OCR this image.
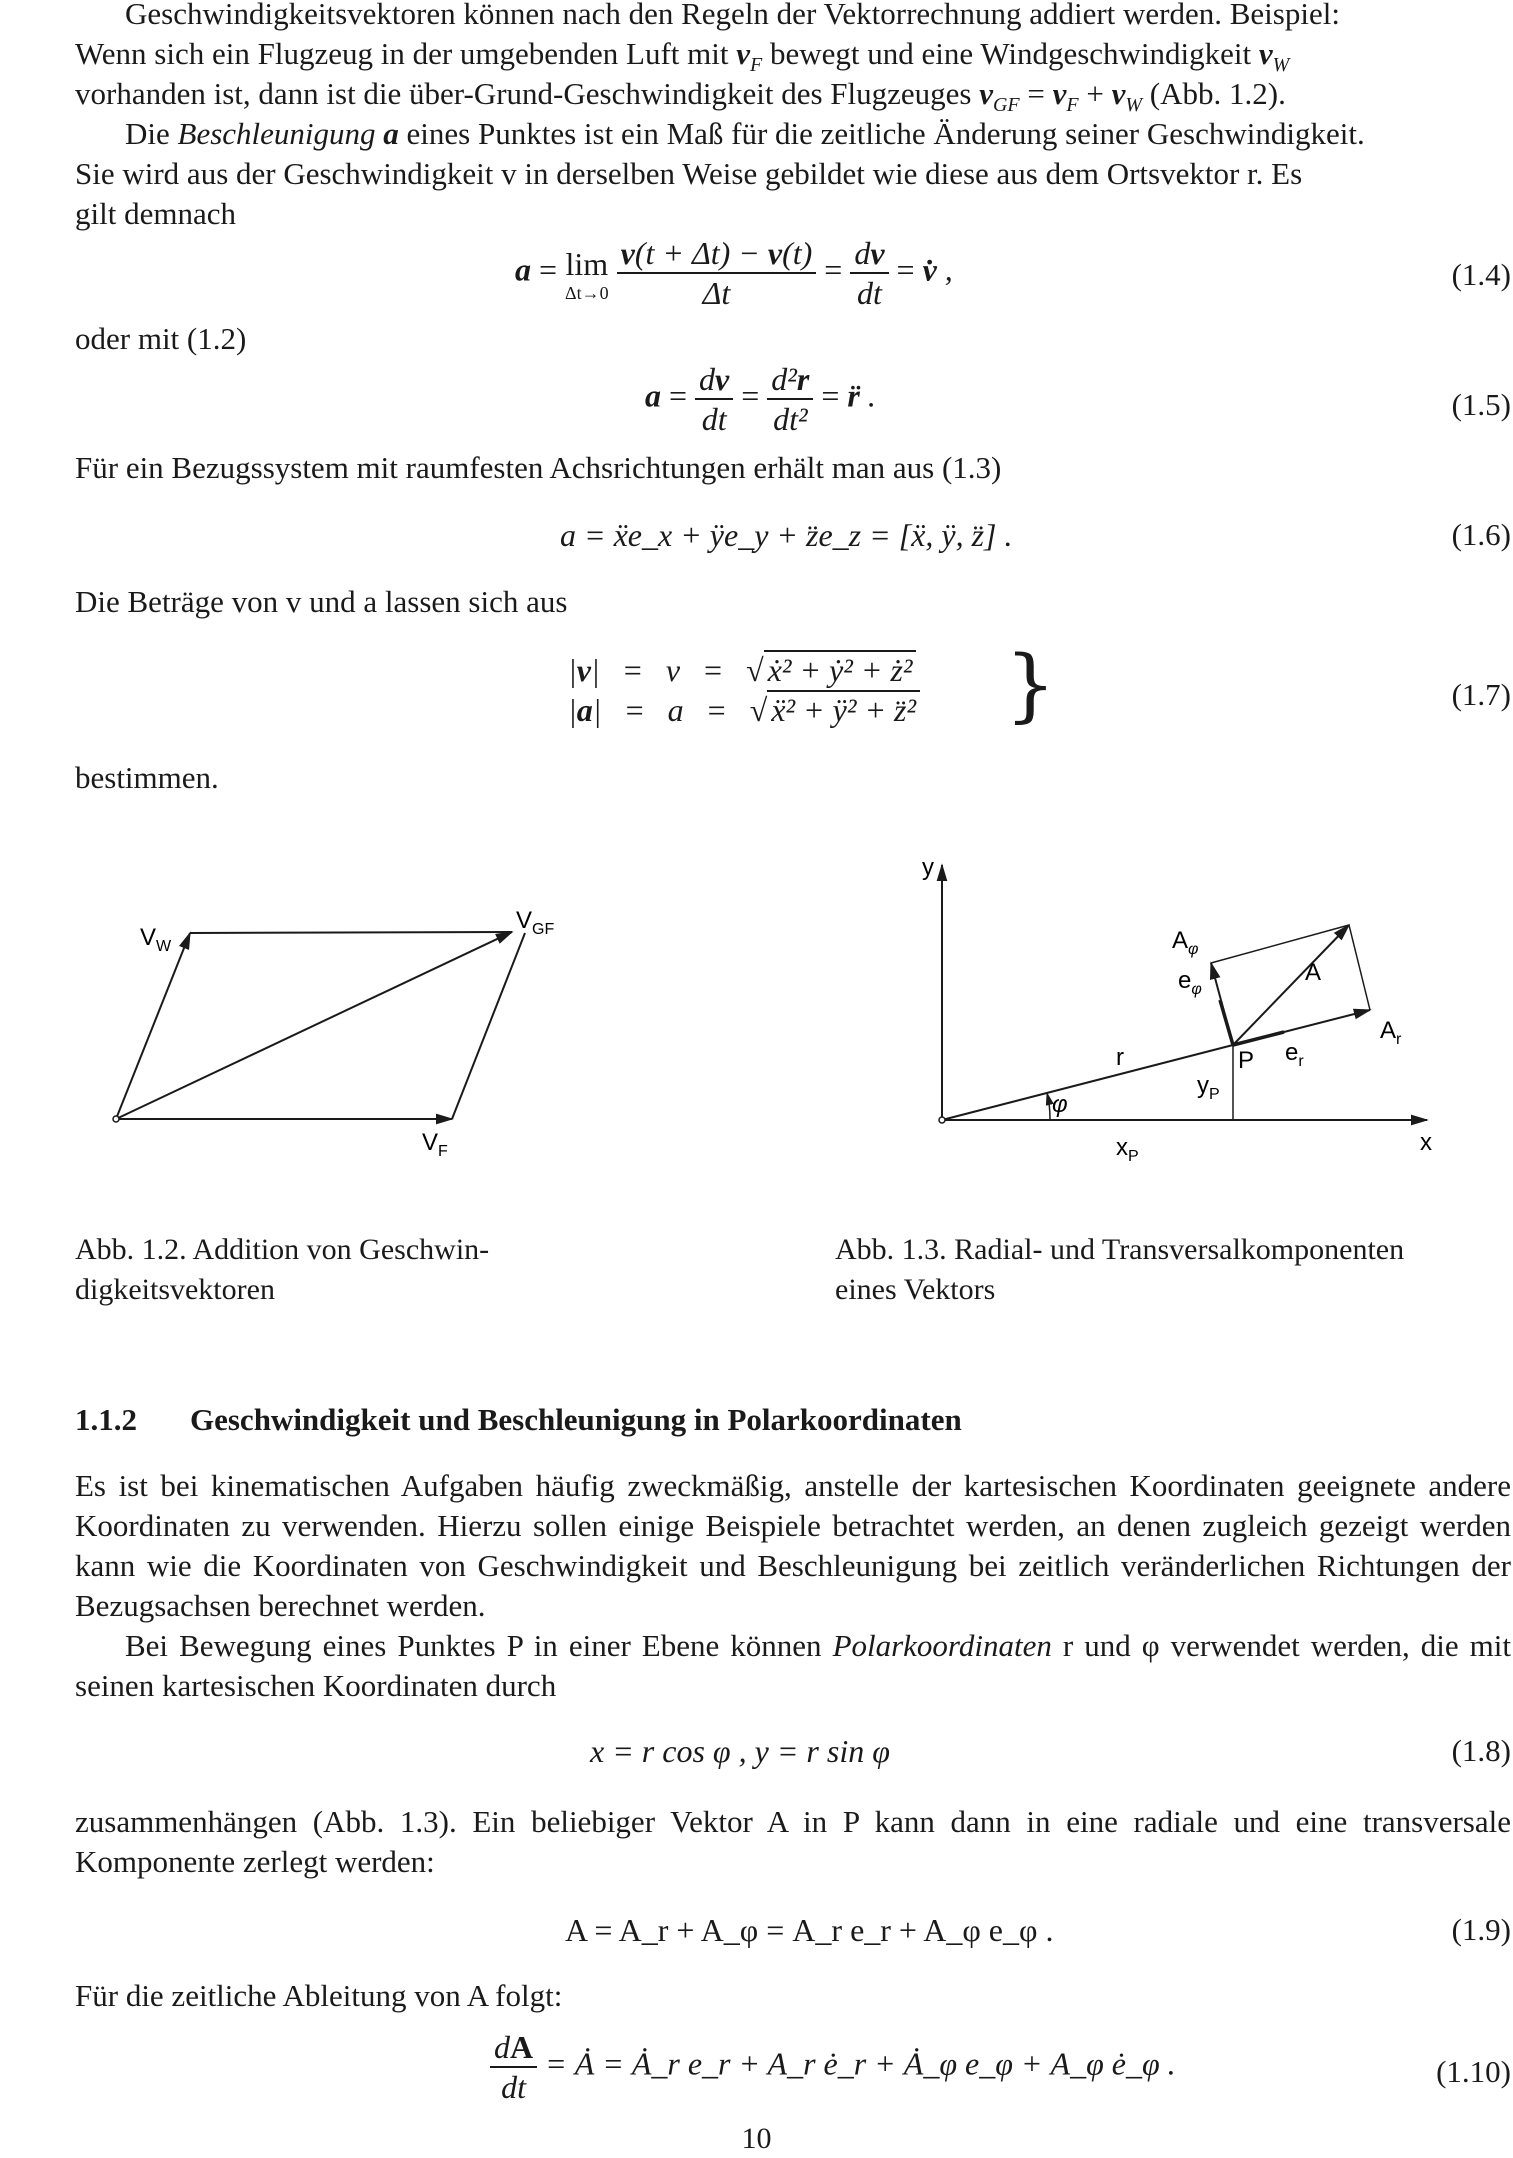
Geschwindigkeitsvektoren können nach den Regeln der Vektorrechnung addiert werden. Beispiel:
Wenn sich ein Flugzeug in der umgebenden Luft mit $v_F$ bewegt und eine Windgeschwindigkeit $v_W$
vorhanden ist, dann ist die über-Grund-Geschwindigkeit des Flugzeuges $v_{GF} = v_F + v_W$ (Abb. 1.2).
Die Beschleunigung a eines Punktes ist ein Maß für die zeitliche Änderung seiner Geschwindigkeit.
Sie wird aus der Geschwindigkeit v in derselben Weise gebildet wie diese aus dem Ortsvektor r. Es
gilt demnach
a = lim
Δt→0
$\frac{v(t + \Delta t) - v(t)}{\Delta t} = \frac{dv}{dt}$ = v̇ ,	(1.4)
oder mit (1.2)
$a = \frac{dv}{dt} = \frac{\text{d²r}}{\text{dt²}}$ = r̈ .	(1.5)
Für ein Bezugssystem mit raumfesten Achsrichtungen erhält man aus (1.3)
a = ẍe_x + ÿe_y + z̈e_z = [ẍ, ÿ, z̈] .	(1.6)
Die Beträge von v und a lassen sich aus
|v|   =   v   =   √ ẋ² + ẏ² + ż²
|a|   =   a   =   √ ẍ² + ÿ² + z̈² }	(1.7)
bestimmen.
$V_W$
$V_{GF}$
$V_F$
y
x
$A_\varphi$
$e_\varphi$
A
$A_r$
r	P $e_r$
$y_P$
φ
$x_P$
Abb. 1.2. Addition von Geschwin-
digkeitsvektoren
Abb. 1.3. Radial- und Transversalkomponenten
eines Vektors
1.1.2 Geschwindigkeit und Beschleunigung in Polarkoordinaten
Es ist bei kinematischen Aufgaben häufig zweckmäßig, anstelle der kartesischen Koordinaten geeignete andere Koordinaten zu verwenden. Hierzu sollen einige Beispiele betrachtet werden, an denen zugleich gezeigt werden kann wie die Koordinaten von Geschwindigkeit und Beschleunigung bei zeitlich veränderlichen Richtungen der Bezugsachsen berechnet werden.
Bei Bewegung eines Punktes P in einer Ebene können Polarkoordinaten r und φ verwendet werden, die mit seinen kartesischen Koordinaten durch
x = r cos φ , y = r sin φ	(1.8)
zusammenhängen (Abb. 1.3). Ein beliebiger Vektor A in P kann dann in eine radiale und eine transversale Komponente zerlegt werden:
A = A_r + A_φ = A_r e_r + A_φ e_φ .	(1.9)
Für die zeitliche Ableitung von A folgt:
$\frac{dA}{dt}$ = Ȧ = Ȧ_r e_r + A_r ė_r + Ȧ_φ e_φ + A_φ ė_φ .	(1.10)
10
